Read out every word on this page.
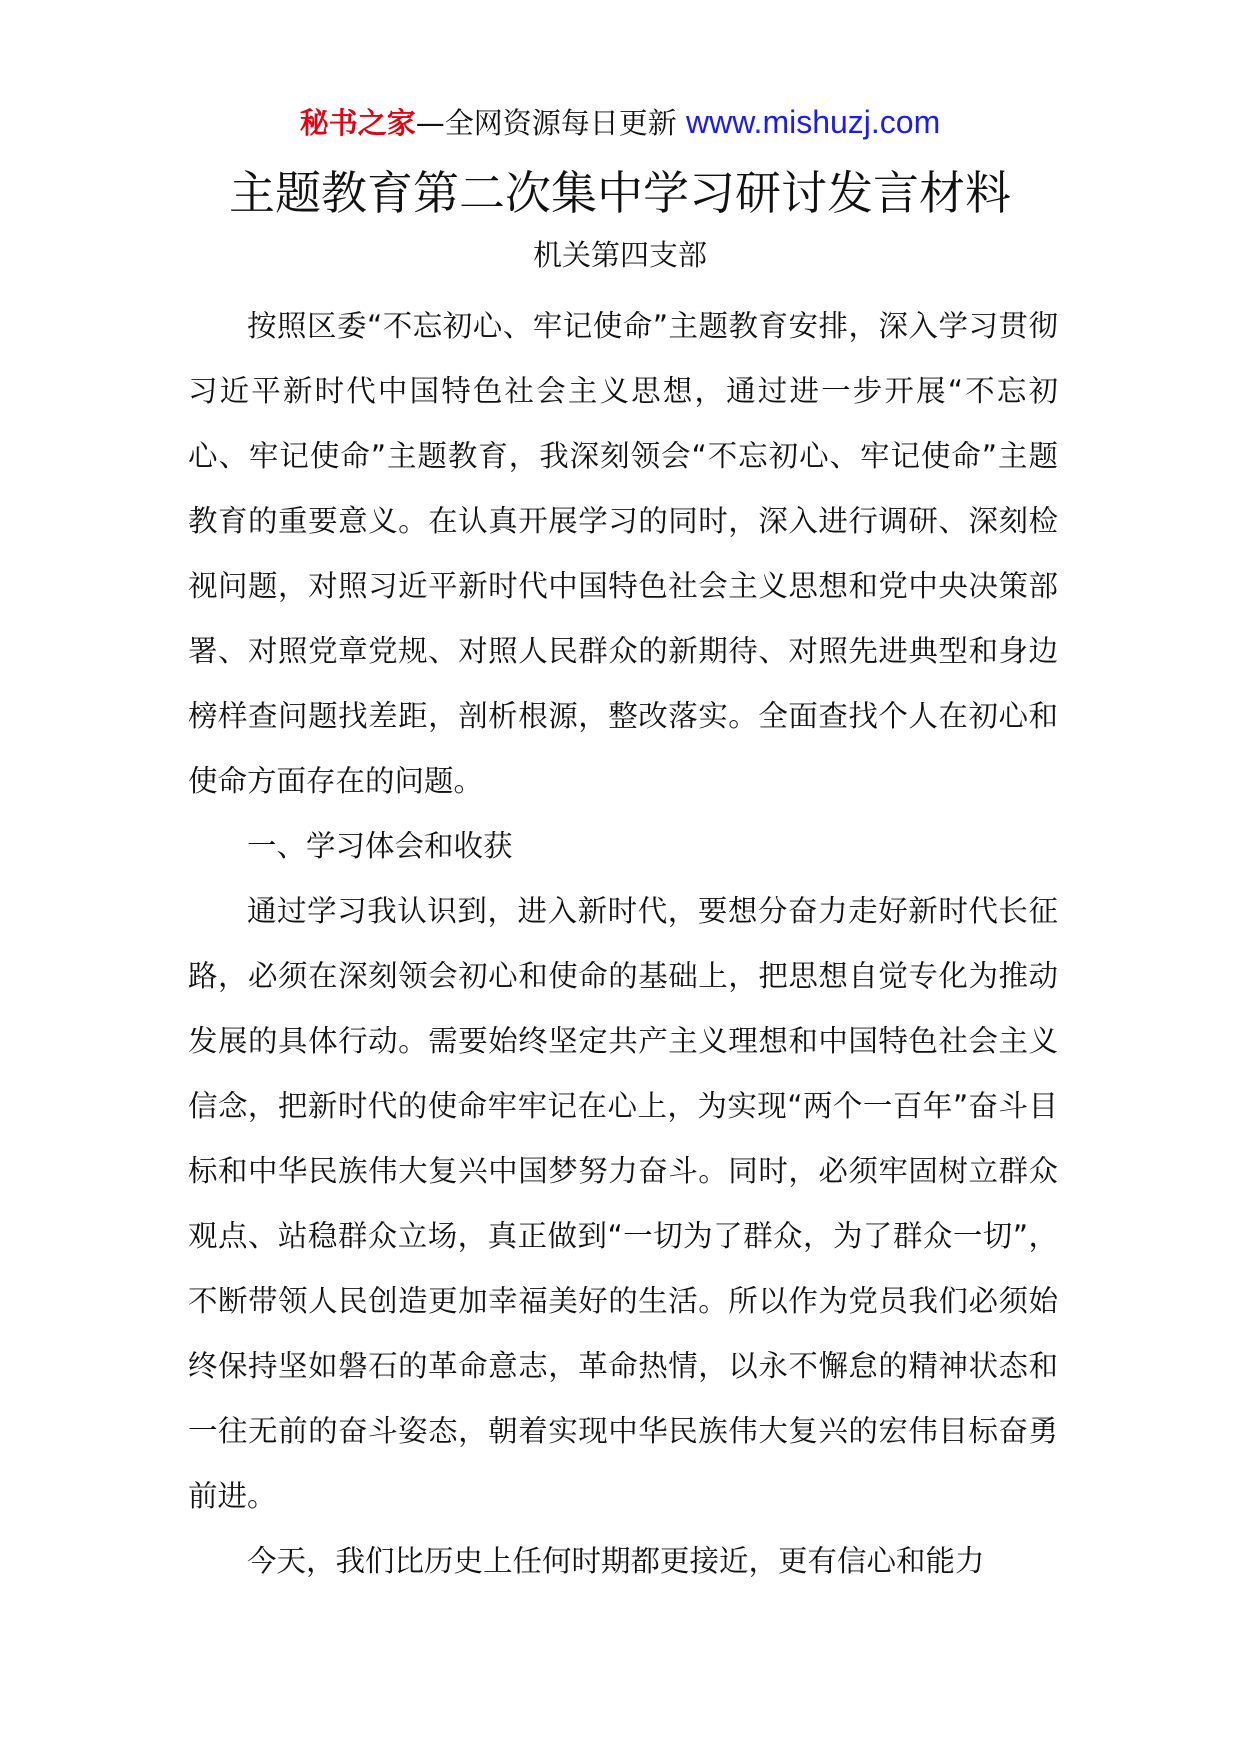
秘书之家—全网资源每日更新 www.mishuzj.com
主题教育第二次集中学习研讨发言材料
机关第四支部

按照区委“不忘初心、牢记使命”主题教育安排，深入学习贯彻习近平新时代中国特色社会主义思想，通过进一步开展“不忘初心、牢记使命”主题教育，我深刻领会“不忘初心、牢记使命”主题教育的重要意义。在认真开展学习的同时，深入进行调研、深刻检视问题，对照习近平新时代中国特色社会主义思想和党中央决策部署、对照党章党规、对照人民群众的新期待、对照先进典型和身边榜样查问题找差距，剖析根源，整改落实。全面查找个人在初心和使命方面存在的问题。

一、学习体会和收获

通过学习我认识到，进入新时代，要想分奋力走好新时代长征路，必须在深刻领会初心和使命的基础上，把思想自觉专化为推动发展的具体行动。需要始终坚定共产主义理想和中国特色社会主义信念，把新时代的使命牢牢记在心上，为实现“两个一百年”奋斗目标和中华民族伟大复兴中国梦努力奋斗。同时，必须牢固树立群众观点、站稳群众立场，真正做到“一切为了群众，为了群众一切”，不断带领人民创造更加幸福美好的生活。所以作为党员我们必须始终保持坚如磐石的革命意志，革命热情，以永不懈怠的精神状态和一往无前的奋斗姿态，朝着实现中华民族伟大复兴的宏伟目标奋勇前进。

今天，我们比历史上任何时期都更接近，更有信心和能力
